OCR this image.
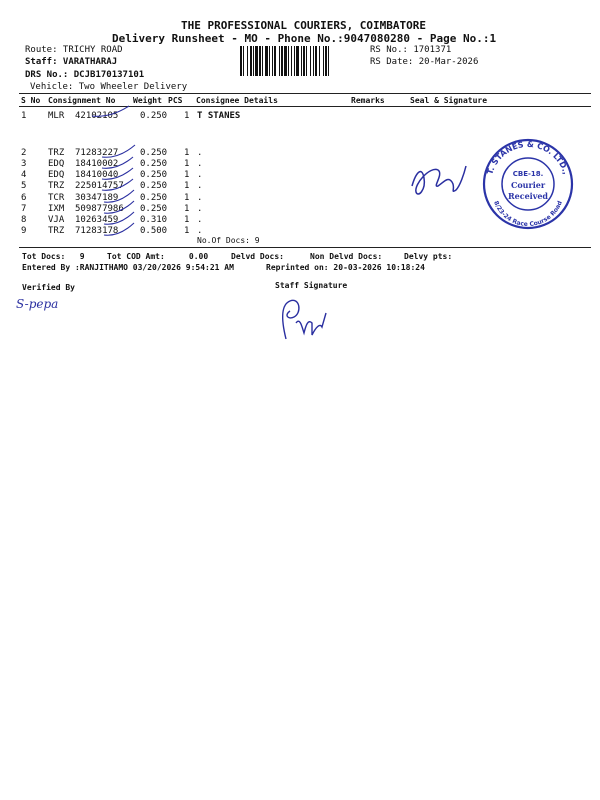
THE PROFESSIONAL COURIERS, COIMBATORE
Delivery Runsheet - MO - Phone No.:9047080280 - Page No.:1
Route: TRICHY ROAD
Staff: VARATHARAJ
DRS No.: DCJB170137101
Vehicle: Two Wheeler Delivery
RS No.: 1701371
RS Date: 20-Mar-2026
S No Consignment No Weight PCS Consignee Details	Remarks	Seal & Signature
1 MLR 42102105 0.250 1 T STANES
2 TRZ 71283227 0.250 1 .
3 EDQ 18410002 0.250 1 .
4 EDQ 18410040 0.250 1 .
5 TRZ 225014757 0.250 1 .
6 TCR 30347189 0.250 1 .
7 IXM 509877986 0.250 1 .
8 VJA 10263459 0.310 1 .
9 TRZ 71283178 0.500 1 .
No.Of Docs: 9
T. STANES & CO. LTD.,
8/23-24 Race Course Road
CBE-18.
Courier
Received
Tot Docs:   9	Tot COD Amt:     0.00	Delvd Docs:	Non Delvd Docs:	Delvy pts:
Entered By :RANJITHAMO 03/20/2026 9:54:21 AM	Reprinted on: 20-03-2026 10:18:24
Verified By	Staff Signature
S-pepa
